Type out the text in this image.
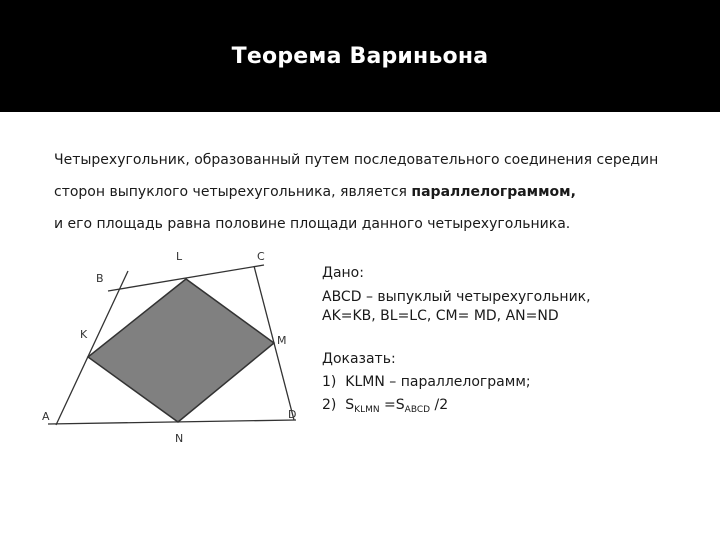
Теорема Вариньона
Четырехугольник, образованный путем последовательного соединения середин
сторон выпуклого четырехугольника, является параллелограммом,
и его площадь равна половине площади данного четырехугольника.
B
L	C
K	M
A	D
N
Дано:
ABCD – выпуклый четырехугольник,
AK=KB, BL=LC, CM= MD, AN=ND
Доказать:
1) KLMN – параллелограмм;
2) $S_{KLMN} =S_{ABCD}$ /2
